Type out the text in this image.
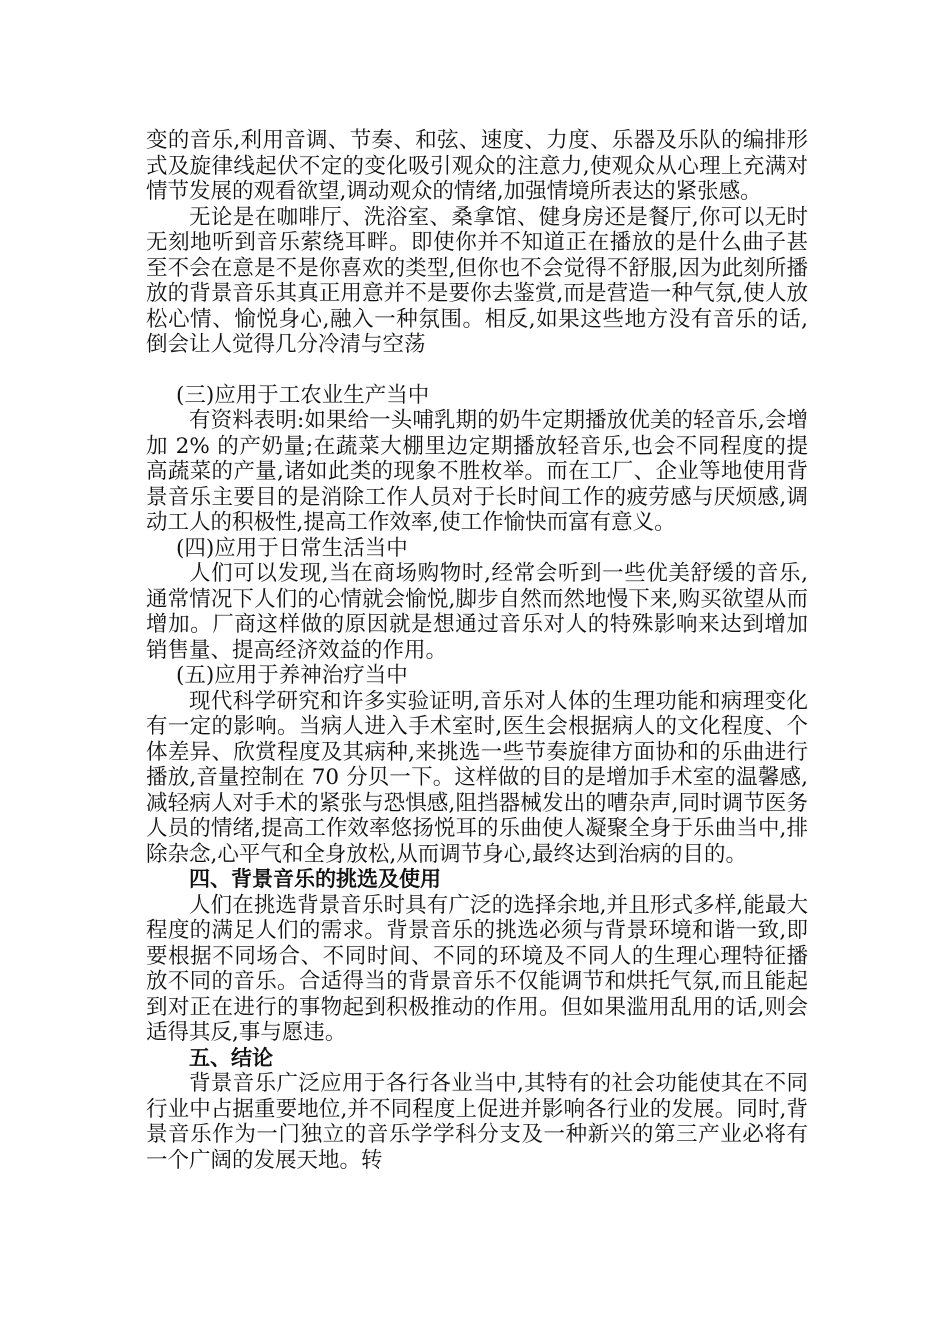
变的音乐,利用音调、节奏、和弦、速度、力度、乐器及乐队的编排形式及旋律线起伏不定的变化吸引观众的注意力,使观众从心理上充满对情节发展的观看欲望,调动观众的情绪,加强情境所表达的紧张感。

无论是在咖啡厅、洗浴室、桑拿馆、健身房还是餐厅,你可以无时无刻地听到音乐萦绕耳畔。即使你并不知道正在播放的是什么曲子甚至不会在意是不是你喜欢的类型,但你也不会觉得不舒服,因为此刻所播放的背景音乐其真正用意并不是要你去鉴赏,而是营造一种气氛,使人放松心情、愉悦身心,融入一种氛围。相反,如果这些地方没有音乐的话,倒会让人觉得几分冷清与空荡

(三)应用于工农业生产当中

有资料表明:如果给一头哺乳期的奶牛定期播放优美的轻音乐,会增加 2% 的产奶量;在蔬菜大棚里边定期播放轻音乐,也会不同程度的提高蔬菜的产量,诸如此类的现象不胜枚举。而在工厂、企业等地使用背景音乐主要目的是消除工作人员对于长时间工作的疲劳感与厌烦感,调动工人的积极性,提高工作效率,使工作愉快而富有意义。

(四)应用于日常生活当中

人们可以发现,当在商场购物时,经常会听到一些优美舒缓的音乐,通常情况下人们的心情就会愉悦,脚步自然而然地慢下来,购买欲望从而增加。厂商这样做的原因就是想通过音乐对人的特殊影响来达到增加销售量、提高经济效益的作用。

(五)应用于养神治疗当中

现代科学研究和许多实验证明,音乐对人体的生理功能和病理变化有一定的影响。当病人进入手术室时,医生会根据病人的文化程度、个体差异、欣赏程度及其病种,来挑选一些节奏旋律方面协和的乐曲进行播放,音量控制在 70 分贝一下。这样做的目的是增加手术室的温馨感,减轻病人对手术的紧张与恐惧感,阻挡器械发出的嘈杂声,同时调节医务人员的情绪,提高工作效率悠扬悦耳的乐曲使人凝聚全身于乐曲当中,排除杂念,心平气和全身放松,从而调节身心,最终达到治病的目的。

四、背景音乐的挑选及使用

人们在挑选背景音乐时具有广泛的选择余地,并且形式多样,能最大程度的满足人们的需求。背景音乐的挑选必须与背景环境和谐一致,即要根据不同场合、不同时间、不同的环境及不同人的生理心理特征播放不同的音乐。合适得当的背景音乐不仅能调节和烘托气氛,而且能起到对正在进行的事物起到积极推动的作用。但如果滥用乱用的话,则会适得其反,事与愿违。

五、结论

背景音乐广泛应用于各行各业当中,其特有的社会功能使其在不同行业中占据重要地位,并不同程度上促进并影响各行业的发展。同时,背景音乐作为一门独立的音乐学学科分支及一种新兴的第三产业必将有一个广阔的发展天地。转
